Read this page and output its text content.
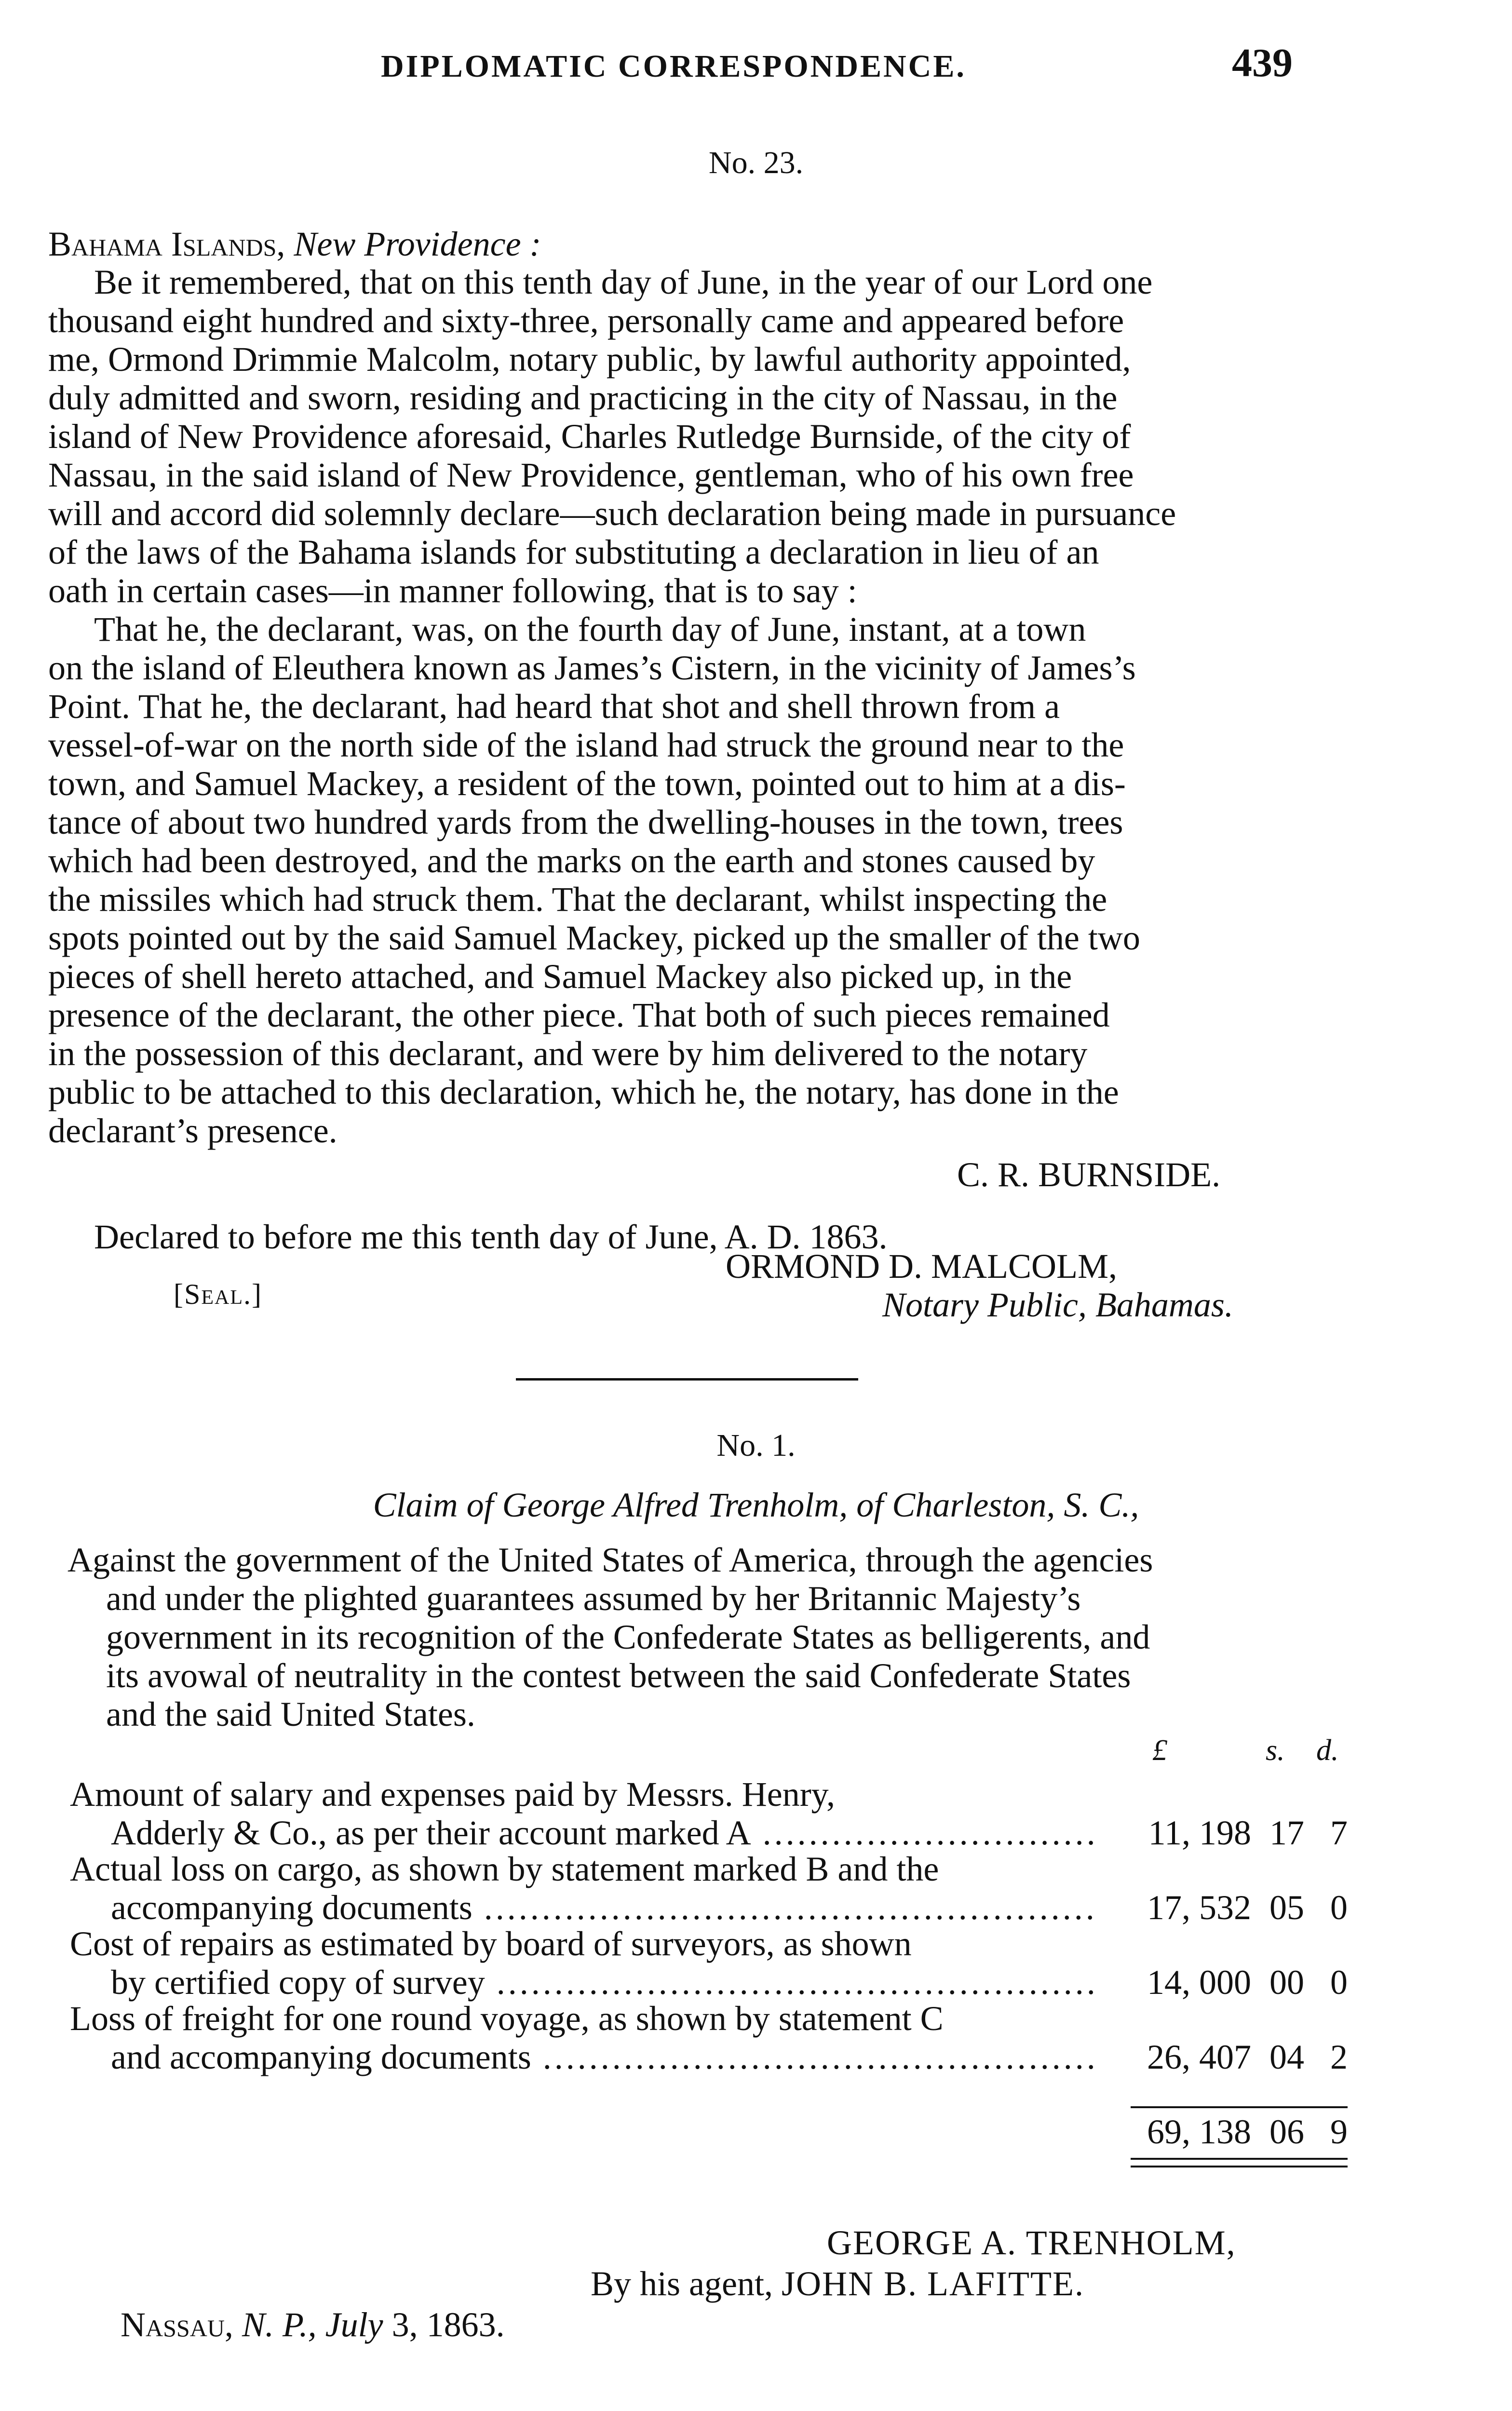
DIPLOMATIC CORRESPONDENCE.	439
No. 23.
Bahama Islands, New Providence :
Be it remembered, that on this tenth day of June, in the year of our Lord one
thousand eight hundred and sixty-three, personally came and appeared before
me, Ormond Drimmie Malcolm, notary public, by lawful authority appointed,
duly admitted and sworn, residing and practicing in the city of Nassau, in the
island of New Providence aforesaid, Charles Rutledge Burnside, of the city of
Nassau, in the said island of New Providence, gentleman, who of his own free
will and accord did solemnly declare—such declaration being made in pursuance
of the laws of the Bahama islands for substituting a declaration in lieu of an
oath in certain cases—in manner following, that is to say :
That he, the declarant, was, on the fourth day of June, instant, at a town
on the island of Eleuthera known as James’s Cistern, in the vicinity of James’s
Point. That he, the declarant, had heard that shot and shell thrown from a
vessel-of-war on the north side of the island had struck the ground near to the
town, and Samuel Mackey, a resident of the town, pointed out to him at a dis-
tance of about two hundred yards from the dwelling-houses in the town, trees
which had been destroyed, and the marks on the earth and stones caused by
the missiles which had struck them. That the declarant, whilst inspecting the
spots pointed out by the said Samuel Mackey, picked up the smaller of the two
pieces of shell hereto attached, and Samuel Mackey also picked up, in the
presence of the declarant, the other piece. That both of such pieces remained
in the possession of this declarant, and were by him delivered to the notary
public to be attached to this declaration, which he, the notary, has done in the
declarant’s presence.
C. R. BURNSIDE.
Declared to before me this tenth day of June, A. D. 1863.
ORMOND D. MALCOLM,
[Seal.]	Notary Public, Bahamas.
No. 1.
Claim of George Alfred Trenholm, of Charleston, S. C.,
Against the government of the United States of America, through the agencies
and under the plighted guarantees assumed by her Britannic Majesty’s
government in its recognition of the Confederate States as belligerents, and
its avowal of neutrality in the contest between the said Confederate States
and the said United States.
£	s. d.
Amount of salary and expenses paid by Messrs. Henry,
Adderly & Co., as per their account marked A .....	11, 198 17 7
Actual loss on cargo, as shown by statement marked B and the
accompanying documents .....	17, 532 05 0
Cost of repairs as estimated by board of surveyors, as shown
by certified copy of survey .....	14, 000 00 0
Loss of freight for one round voyage, as shown by statement C
and accompanying documents .....	26, 407 04 2
69, 138 06 9
GEORGE A. TRENHOLM,
By his agent, JOHN B. LAFITTE.
Nassau, N. P., July 3, 1863.
